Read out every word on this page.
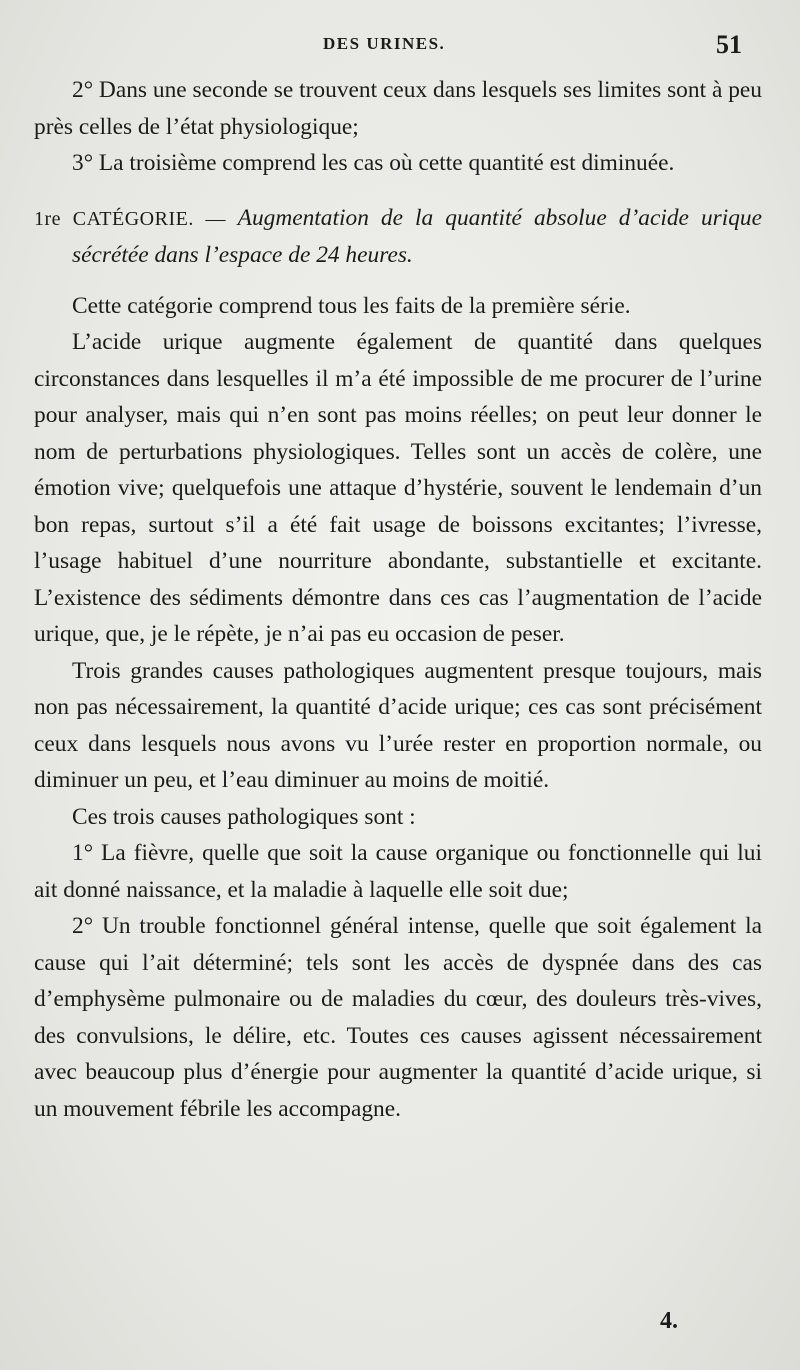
DES URINES.	51

2° Dans une seconde se trouvent ceux dans lesquels ses limites sont à peu près celles de l’état physiologique;

3° La troisième comprend les cas où cette quantité est diminuée.

1re CATÉGORIE. — Augmentation de la quantité absolue d’acide urique sécrétée dans l’espace de 24 heures.

Cette catégorie comprend tous les faits de la première série.

L’acide urique augmente également de quantité dans quelques circonstances dans lesquelles il m’a été impossible de me procurer de l’urine pour analyser, mais qui n’en sont pas moins réelles; on peut leur donner le nom de perturbations physiologiques. Telles sont un accès de colère, une émotion vive; quelquefois une attaque d’hystérie, souvent le lendemain d’un bon repas, surtout s’il a été fait usage de boissons excitantes; l’ivresse, l’usage habituel d’une nourriture abondante, substantielle et excitante. L’existence des sédiments démontre dans ces cas l’augmentation de l’acide urique, que, je le répète, je n’ai pas eu occasion de peser.

Trois grandes causes pathologiques augmentent presque toujours, mais non pas nécessairement, la quantité d’acide urique; ces cas sont précisément ceux dans lesquels nous avons vu l’urée rester en proportion normale, ou diminuer un peu, et l’eau diminuer au moins de moitié.

Ces trois causes pathologiques sont :

1° La fièvre, quelle que soit la cause organique ou fonctionnelle qui lui ait donné naissance, et la maladie à laquelle elle soit due;

2° Un trouble fonctionnel général intense, quelle que soit également la cause qui l’ait déterminé; tels sont les accès de dyspnée dans des cas d’emphysème pulmonaire ou de maladies du cœur, des douleurs très-vives, des convulsions, le délire, etc. Toutes ces causes agissent nécessairement avec beaucoup plus d’énergie pour augmenter la quantité d’acide urique, si un mouvement fébrile les accompagne.

4.
